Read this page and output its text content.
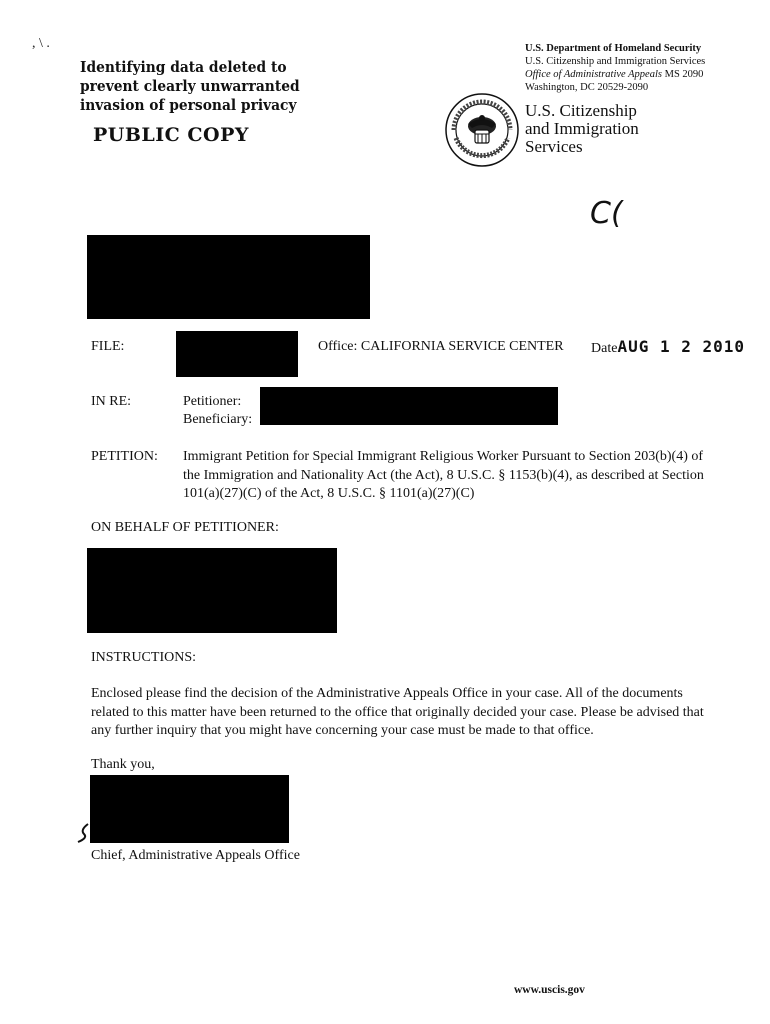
, \ .
Identifying data deleted to
prevent clearly unwarranted
invasion of personal privacy
PUBLIC COPY
U.S. Department of Homeland Security
U.S. Citizenship and Immigration Services
Office of Administrative Appeals MS 2090
Washington, DC 20529-2090
U.S. Citizenship
and Immigration
Services
C(
FILE:	Office: CALIFORNIA SERVICE CENTER DateAUG 1 2 2010
IN RE:	Petitioner:
Beneficiary:
PETITION: Immigrant Petition for Special Immigrant Religious Worker Pursuant to Section 203(b)(4) of
the Immigration and Nationality Act (the Act), 8 U.S.C. § 1153(b)(4), as described at Section
101(a)(27)(C) of the Act, 8 U.S.C. § 1101(a)(27)(C)
ON BEHALF OF PETITIONER:
INSTRUCTIONS:
Enclosed please find the decision of the Administrative Appeals Office in your case. All of the documents
related to this matter have been returned to the office that originally decided your case. Please be advised that
any further inquiry that you might have concerning your case must be made to that office.
Thank you,
Chief, Administrative Appeals Office
www.uscis.gov
